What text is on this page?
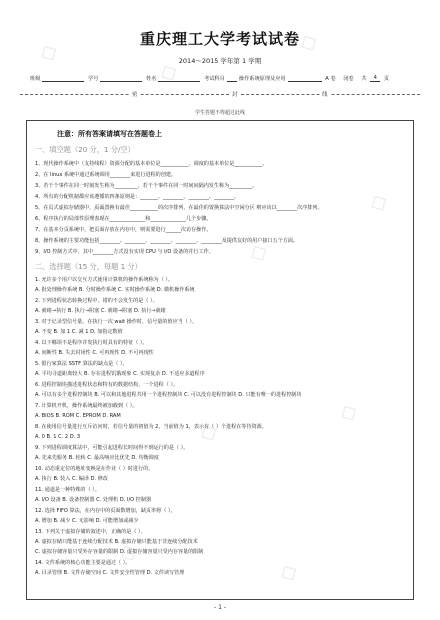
◇
◇
◇
◇
◇
◇
◇
◇
◇
◇
◇
重庆理工大学考试试卷
2014～2015 学年第 1 学期
班级	学号	姓名	考试科目	操作系统原理及应用	A 卷 闭卷 共 4 页
密	封	线
学生答题不得超过此线
注意：所有答案请填写在答题卷上
一、填空题（20 分，1 分/空）
1、现代操作系统中（支持线程）资源分配的基本单位是___________，调度的基本单位是___________。
2、在 linux 系统中通过系统调用________来进行进程的创建。
3、若干个事件在同一时刻发生称为_________，若干个事件在同一时间间隔内发生称为_________。
4、所有的分配机制都应该遵循的四条原则是：_______、________、________、________。
5、在页式虚拟存储器中，页面置换有最佳___________的次序排列，在最佳的置换算法中空闲分区 则应该以________次序排列。
6、程序执行的局部性原理表现在______________和______________几个步骤。
7、在基本分页系统中，把页面存放在内存中，则需要进行______次访存操作。
8、操作系统的主要功能包括________、________、________、________、________及提供友好的用户接口五个方面。
9、I/O 控制方式中，其中________方式没有实现 CPU 与 I/O 设备的并行工作。
二、选择题（15 分，每题 1 分）
1. 允许多个用户以交互方式使用计算机的操作系统称为（ ）。
A. 批处理操作系统 B. 分时操作系统 C. 实时操作系统 D. 微机操作系统
2. 下列进程状态转换过程中，错的不会发生的是（ ）。
A. 就绪→执行 B. 执行→阻塞 C. 就绪→阻塞 D. 执行→就绪
3. 对于记录型信号量，在执行一次 wait 操作时，信号量的值应当（ ）。
A. 不变 B. 加 1 C. 减 1 D. 加指定数值
4. 以下哪项不是程序并发执行时具有的特征（ ）。
A. 间断性 B. 失去封闭性 C. 可再现性 D. 不可再现性
5. 银行家算法 SSTF 算法的缺点是（ ）。
A. 平均寻道距离较大 B. 存在进程饥饿现象 C. 实现复杂 D. 不适应多道程序
6. 进程控制块描述进程状态和特有的数据结构，一个进程（ ）。
A. 可以有多个进程控制块 B. 可以和其他进程共用一个进程控制块 C. 可以没有进程控制块 D. 只能有唯一的进程控制块
7. 计算机开机，操作系统最终被加载到（ ）。
A. BIOS B. ROM C. EPROM D. RAM
8. 在使用信号量进行互斥访问时，若信号量的初值为 2，当前值为 1，表示有（ ）个进程在等待资源。
A. 0 B. 1 C. 2 D. 3
9. 下列进程调度算法中，可能引起进程长时间得不到运行的是（ ）。
A. 先来先服务 B. 轮转 C. 最高响应比优先 D. 均衡调度
10. 动态重定位的地址变换是在作业（ ）时进行的。
A. 执行 B. 装入 C. 编译 D. 修改
11. 通道是一种特殊的（ ）。
A. I/O 设备 B. 设备控制器 C. 处理机 D. I/O 控制器
12. 选择 FIFO 算法，在内存中的页面数增加，缺页率将（ ）。
A. 增加 B. 减少 C. 无影响 D. 可能增加或减少
13. 下列关于虚拟存储的叙述中，正确的是（ ）。
A. 虚拟存储只能基于连续分配技术 B. 虚拟存储只能基于非连续分配技术
C. 虚拟存储容量只受外存容量的限制 D. 虚拟存储容量只受内存容量的限制
14. 文件系统的核心功能主要是通过（ ）。
A. 目录管理 B. 文件存储空间 C. 文件安全性管理 D. 文件读写管理
- 1 -
